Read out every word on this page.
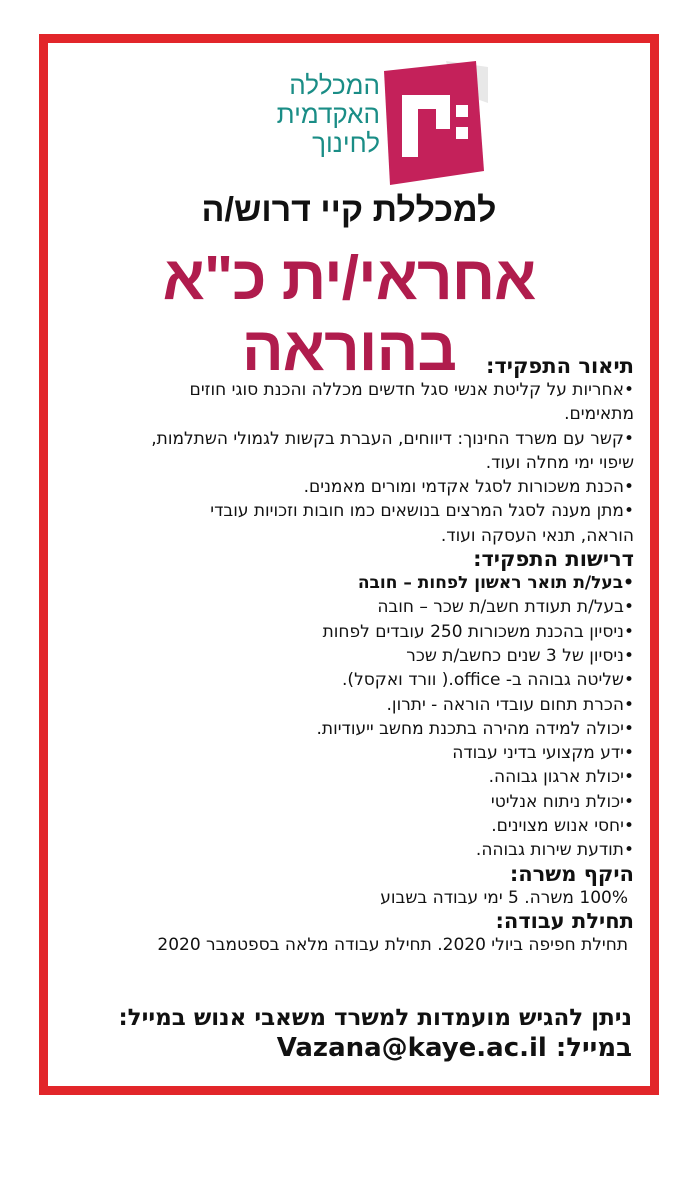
המכללה
האקדמית
לחינוך
למכללת קיי דרוש/ה
אחראי/ית כ"א בהוראה	תיאור התפקיד:
•אחריות על קליטת אנשי סגל חדשים מכללה והכנת סוגי חוזים
מתאימים.
•קשר עם משרד החינוך: דיווחים, העברת בקשות לגמולי השתלמות,
שיפוי ימי מחלה ועוד.
•הכנת משכורות לסגל אקדמי ומורים מאמנים.
•מתן מענה לסגל המרצים בנושאים כמו חובות וזכויות עובדי
הוראה, תנאי העסקה ועוד.
דרישות התפקיד:
•בעל/ת תואר ראשון לפחות – חובה
•בעל/ת תעודת חשב/ת שכר – חובה
•ניסיון בהכנת משכורות 250 עובדים לפחות
•ניסיון של 3 שנים כחשב/ת שכר
•שליטה גבוהה ב- office.( וורד ואקסל).
•הכרת תחום עובדי הוראה - יתרון.
•יכולה למידה מהירה בתכנת מחשב ייעודיות.
•ידע מקצועי בדיני עבודה
•יכולת ארגון גבוהה.
•יכולת ניתוח אנליטי
•יחסי אנוש מצוינים.
•תודעת שירות גבוהה.
היקף משרה:
100% משרה. 5 ימי עבודה בשבוע
תחילת עבודה:
תחילת חפיפה ביולי 2020. תחילת עבודה מלאה בספטמבר 2020
ניתן להגיש מועמדות למשרד משאבי אנוש במייל:
במייל: Vazana@kaye.ac.il
